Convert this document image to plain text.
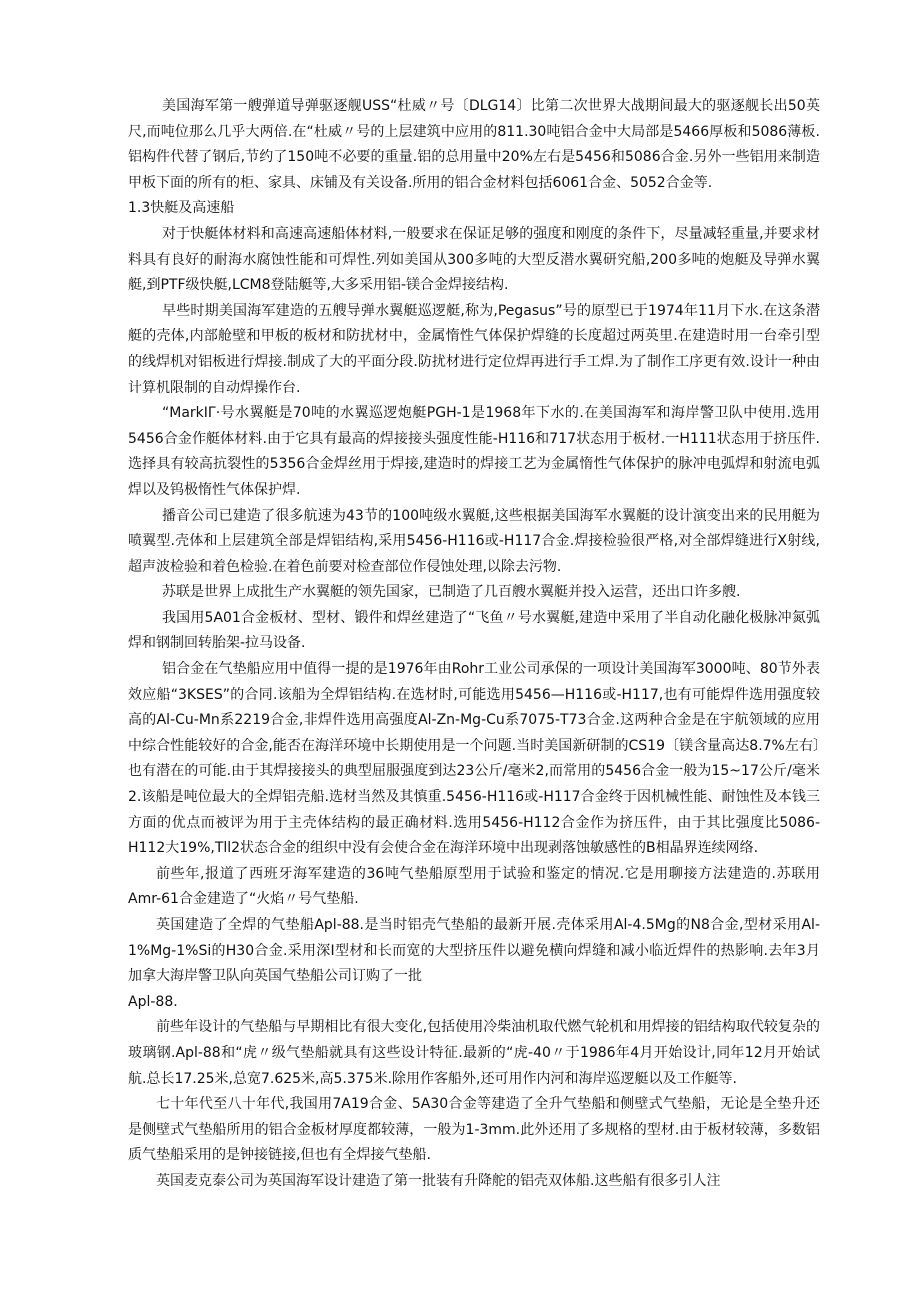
美国海军第一艘弹道导弹驱逐舰USS“杜威〃号〔DLG14〕比第二次世界大战期间最大的驱逐舰长出50英尺,而吨位那么几乎大两倍.在“杜威〃号的上层建筑中应用的811.30吨铝合金中大局部是5466厚板和5086薄板.铝构件代替了钢后,节约了150吨不必要的重量.铝的总用量中20%左右是5456和5086合金.另外一些铝用来制造甲板下面的所有的柜、家具、床铺及有关设备.所用的铝合金材料包括6061合金、5052合金等.

1.3快艇及高速船

对于快艇体材料和高速高速船体材料,一般要求在保证足够的强度和刚度的条件下，尽量减轻重量,并要求材料具有良好的耐海水腐蚀性能和可焊性.列如美国从300多吨的大型反潜水翼研究船,200多吨的炮艇及导弹水翼艇,到PTF级快艇,LCM8登陆艇等,大多采用铝-镁合金焊接结构.

早些时期美国海军建造的五艘导弹水翼艇巡逻艇,称为,Pegasus”号的原型已于1974年11月下水.在这条潜艇的壳体,内部舱壁和甲板的板材和防扰材中，金属惰性气体保护焊缝的长度超过两英里.在建造时用一台牵引型的线焊机对铝板进行焊接.制成了大的平面分段.防扰材进行定位焊再进行手工焊.为了制作工序更有效.设计一种由计算机限制的自动焊操作台.

“MarkIΓ·号水翼艇是70吨的水翼巡逻炮艇PGH-1是1968年下水的.在美国海军和海岸警卫队中使用.选用5456合金作艇体材料.由于它具有最高的焊接接头强度性能-H116和717状态用于板材.一H111状态用于挤压件.选择具有较高抗裂性的5356合金焊丝用于焊接,建造时的焊接工艺为金属惰性气体保护的脉冲电弧焊和射流电弧焊以及钨极惰性气体保护焊.

播音公司已建造了很多航速为43节的100吨级水翼艇,这些根据美国海军水翼艇的设计演变出来的民用艇为喷翼型.壳体和上层建筑全部是焊铝结构,采用5456-H116或-H117合金.焊接检验很严格,对全部焊缝进行X射线,超声波检验和着色检验.在着色前要对检查部位作侵蚀处理,以除去污物.

苏联是世界上成批生产水翼艇的领先国家，已制造了几百艘水翼艇并投入运营，还出口许多艘.

我国用5A01合金板材、型材、锻件和焊丝建造了“飞鱼〃号水翼艇,建造中采用了半自动化融化极脉冲氮弧焊和钢制回转胎架-拉马设备.

铝合金在气垫船应用中值得一提的是1976年由Rohr工业公司承保的一项设计美国海军3000吨、80节外表效应船“3KSES”的合同.该船为全焊铝结构.在选材时,可能选用5456—H116或-H117,也有可能焊件选用强度较高的Al-Cu-Mn系2219合金,非焊件选用高强度Al-Zn-Mg-Cu系7075-T73合金.这两种合金是在宇航领域的应用中综合性能较好的合金,能否在海洋环境中长期使用是一个问题.当时美国新研制的CS19〔镁含量高达8.7%左右〕也有潜在的可能.由于其焊接接头的典型屈服强度到达23公斤/毫米2,而常用的5456合金一般为15~17公斤/毫米2.该船是吨位最大的全焊铝壳船.选材当然及其慎重.5456-H116或-H117合金终于因机械性能、耐蚀性及本钱三方面的优点而被评为用于主壳体结构的最正确材料.选用5456-H112合金作为挤压件，由于其比强度比5086-H112大19%,Tll2状态合金的组织中没有会使合金在海洋环境中出现剥落蚀敏感性的B相晶界连续网络.

前些年,报道了西班牙海军建造的36吨气垫船原型用于试验和鉴定的情况.它是用聊接方法建造的.苏联用Amr-61合金建造了“火焰〃号气垫船.

英国建造了全焊的气垫船Apl-88.是当时铝壳气垫船的最新开展.壳体采用Al-4.5Mg的N8合金,型材采用Al-1%Mg-1%Si的H30合金.采用深I型材和长而宽的大型挤压件以避免横向焊缝和减小临近焊件的热影响.去年3月加拿大海岸警卫队向英国气垫船公司订购了一批

Apl-88.

前些年设计的气垫船与早期相比有很大变化,包括使用冷柴油机取代燃气轮机和用焊接的铝结构取代较复杂的玻璃钢.Apl-88和“虎〃级气垫船就具有这些设计特征.最新的“虎-40〃于1986年4月开始设计,同年12月开始试航.总长17.25米,总宽7.625米,高5.375米.除用作客船外,还可用作内河和海岸巡逻艇以及工作艇等.

七十年代至八十年代,我国用7A19合金、5A30合金等建造了全升气垫船和侧壁式气垫船，无论是全垫升还是侧壁式气垫船所用的铝合金板材厚度都较薄，一般为1-3mm.此外还用了多规格的型材.由于板材较薄，多数铝质气垫船采用的是钟接链接,但也有全焊接气垫船.

英国麦克泰公司为英国海军设计建造了第一批装有升降舵的铝壳双体船.这些船有很多引人注
